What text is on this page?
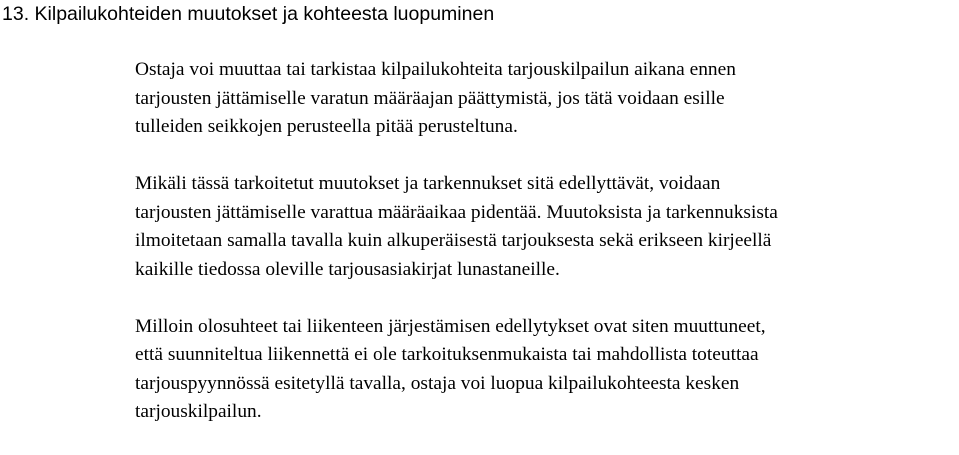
13. Kilpailukohteiden muutokset ja kohteesta luopuminen

Ostaja voi muuttaa tai tarkistaa kilpailukohteita tarjouskilpailun aikana ennen
tarjousten jättämiselle varatun määräajan päättymistä, jos tätä voidaan esille
tulleiden seikkojen perusteella pitää perusteltuna.

Mikäli tässä tarkoitetut muutokset ja tarkennukset sitä edellyttävät, voidaan
tarjousten jättämiselle varattua määräaikaa pidentää. Muutoksista ja tarkennuksista
ilmoitetaan samalla tavalla kuin alkuperäisestä tarjouksesta sekä erikseen kirjeellä
kaikille tiedossa oleville tarjousasiakirjat lunastaneille.

Milloin olosuhteet tai liikenteen järjestämisen edellytykset ovat siten muuttuneet,
että suunniteltua liikennettä ei ole tarkoituksenmukaista tai mahdollista toteuttaa
tarjouspyynnössä esitetyllä tavalla, ostaja voi luopua kilpailukohteesta kesken
tarjouskilpailun.
